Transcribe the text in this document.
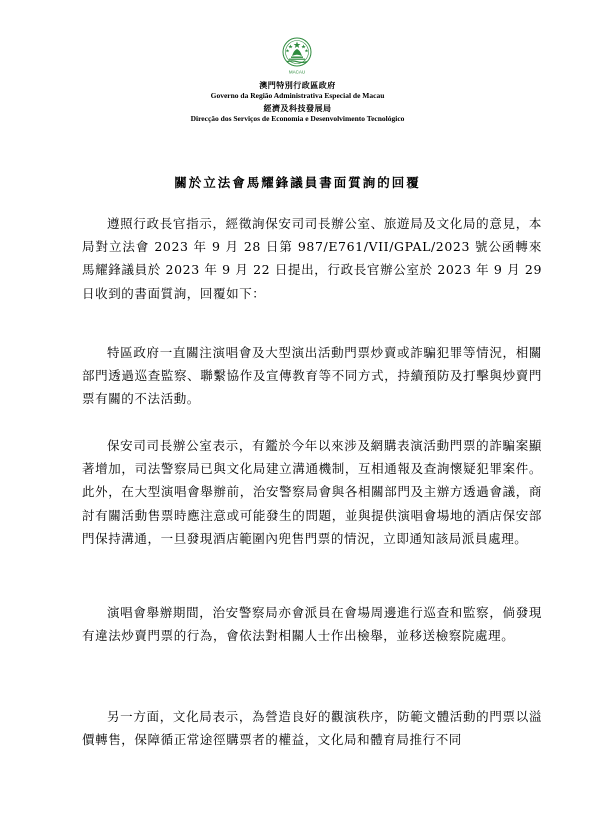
MACAU
澳門特別行政區政府
Governo da Região Administrativa Especial de Macau
經濟及科技發展局
Direcção dos Serviços de Economia e Desenvolvimento Tecnológico
關於立法會馬耀鋒議員書面質詢的回覆
遵照行政長官指示，經徵詢保安司司長辦公室、旅遊局及文化局的意見，本局對立法會 2023 年 9 月 28 日第 987/E761/VII/GPAL/2023 號公函轉來馬耀鋒議員於 2023 年 9 月 22 日提出，行政長官辦公室於 2023 年 9 月 29 日收到的書面質詢，回覆如下：
特區政府一直關注演唱會及大型演出活動門票炒賣或詐騙犯罪等情況，相關部門透過巡查監察、聯繫協作及宣傳教育等不同方式，持續預防及打擊與炒賣門票有關的不法活動。
保安司司長辦公室表示，有鑑於今年以來涉及網購表演活動門票的詐騙案顯著增加，司法警察局已與文化局建立溝通機制，互相通報及查詢懷疑犯罪案件。此外，在大型演唱會舉辦前，治安警察局會與各相關部門及主辦方透過會議，商討有關活動售票時應注意或可能發生的問題，並與提供演唱會場地的酒店保安部門保持溝通，一旦發現酒店範圍內兜售門票的情況，立即通知該局派員處理。
演唱會舉辦期間，治安警察局亦會派員在會場周邊進行巡查和監察，倘發現有違法炒賣門票的行為，會依法對相關人士作出檢舉，並移送檢察院處理。
另一方面，文化局表示，為營造良好的觀演秩序，防範文體活動的門票以溢價轉售，保障循正常途徑購票者的權益，文化局和體育局推行不同
